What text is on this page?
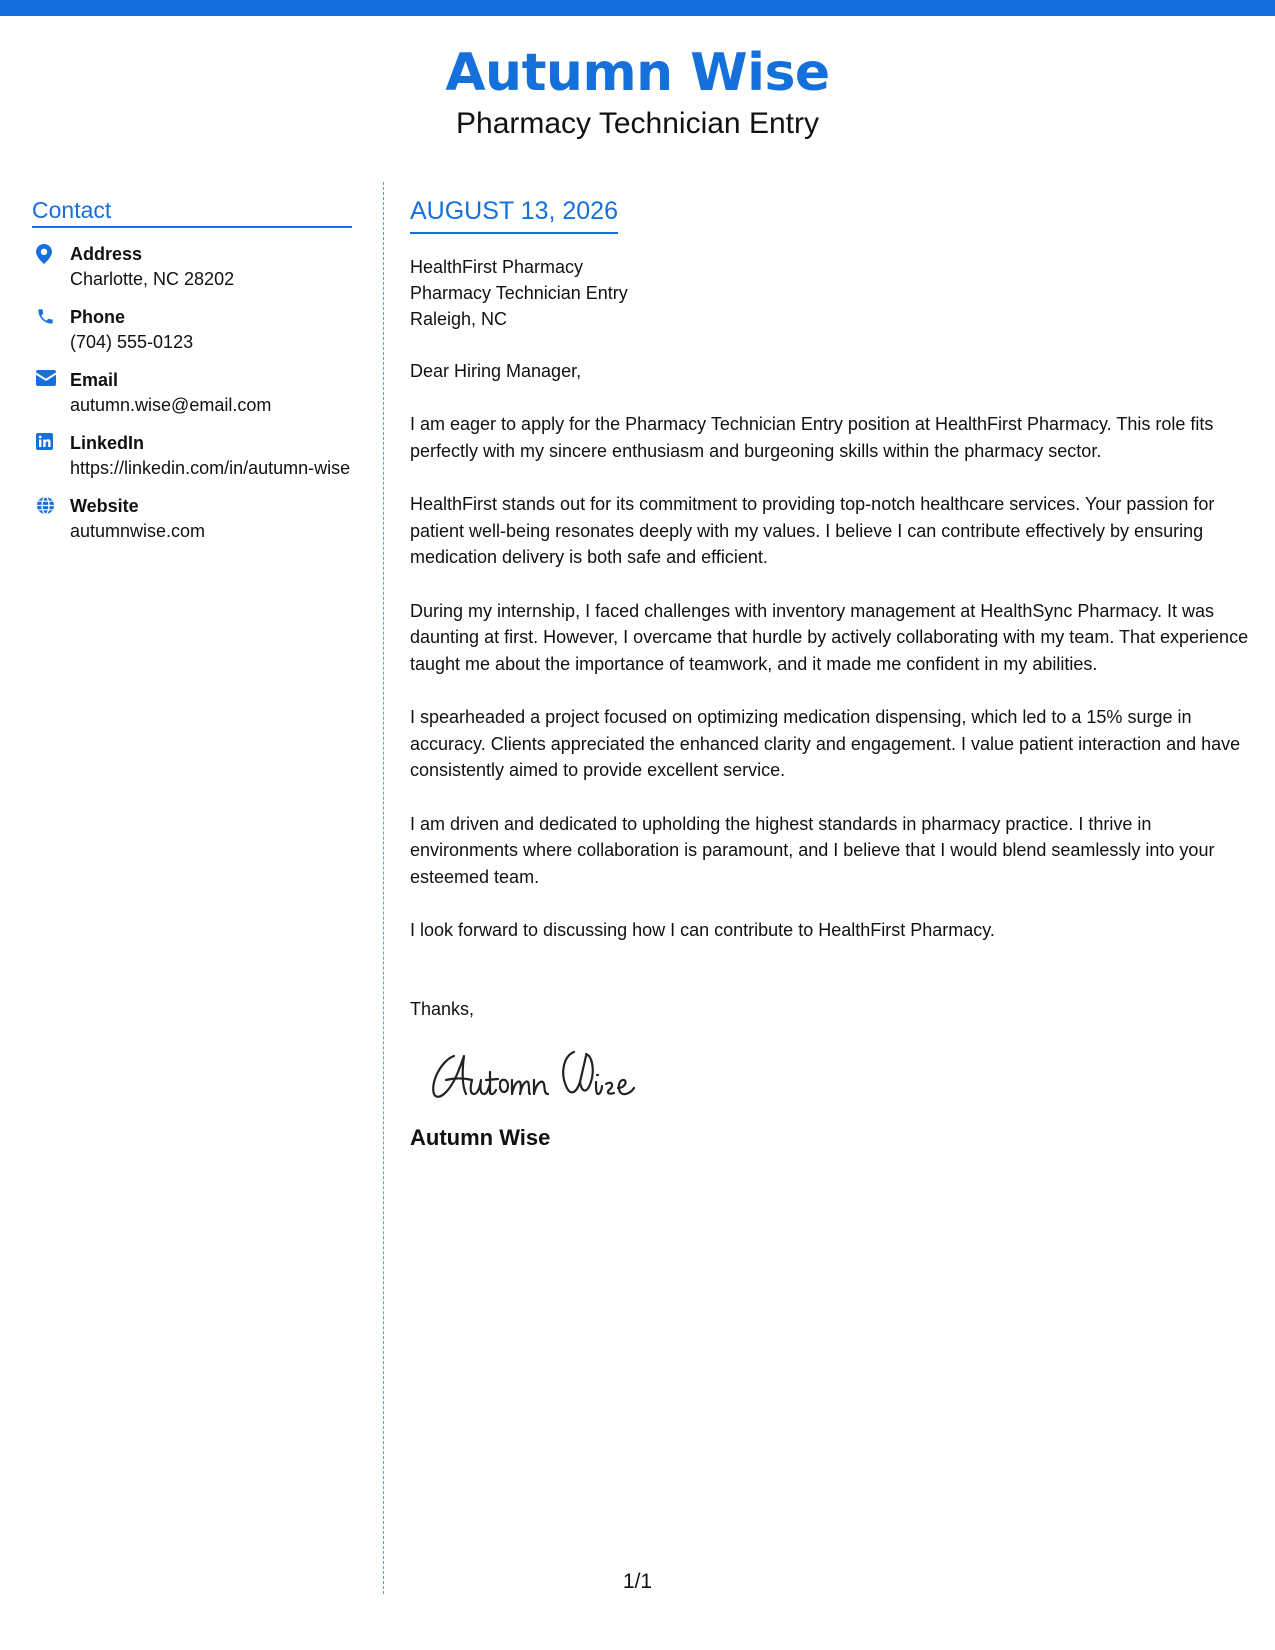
Autumn Wise
Pharmacy Technician Entry
Contact
Address
Charlotte, NC 28202
Phone
(704) 555-0123
Email
autumn.wise@email.com
LinkedIn
https://linkedin.com/in/autumn-wise
Website
autumnwise.com
AUGUST 13, 2026
HealthFirst Pharmacy
Pharmacy Technician Entry
Raleigh, NC
Dear Hiring Manager,
I am eager to apply for the Pharmacy Technician Entry position at HealthFirst Pharmacy. This role fits perfectly with my sincere enthusiasm and burgeoning skills within the pharmacy sector.
HealthFirst stands out for its commitment to providing top-notch healthcare services. Your passion for patient well-being resonates deeply with my values. I believe I can contribute effectively by ensuring medication delivery is both safe and efficient.
During my internship, I faced challenges with inventory management at HealthSync Pharmacy. It was daunting at first. However, I overcame that hurdle by actively collaborating with my team. That experience taught me about the importance of teamwork, and it made me confident in my abilities.
I spearheaded a project focused on optimizing medication dispensing, which led to a 15% surge in accuracy. Clients appreciated the enhanced clarity and engagement. I value patient interaction and have consistently aimed to provide excellent service.
I am driven and dedicated to upholding the highest standards in pharmacy practice. I thrive in environments where collaboration is paramount, and I believe that I would blend seamlessly into your esteemed team.
I look forward to discussing how I can contribute to HealthFirst Pharmacy.
Thanks,
Autumn Wise
1/1
